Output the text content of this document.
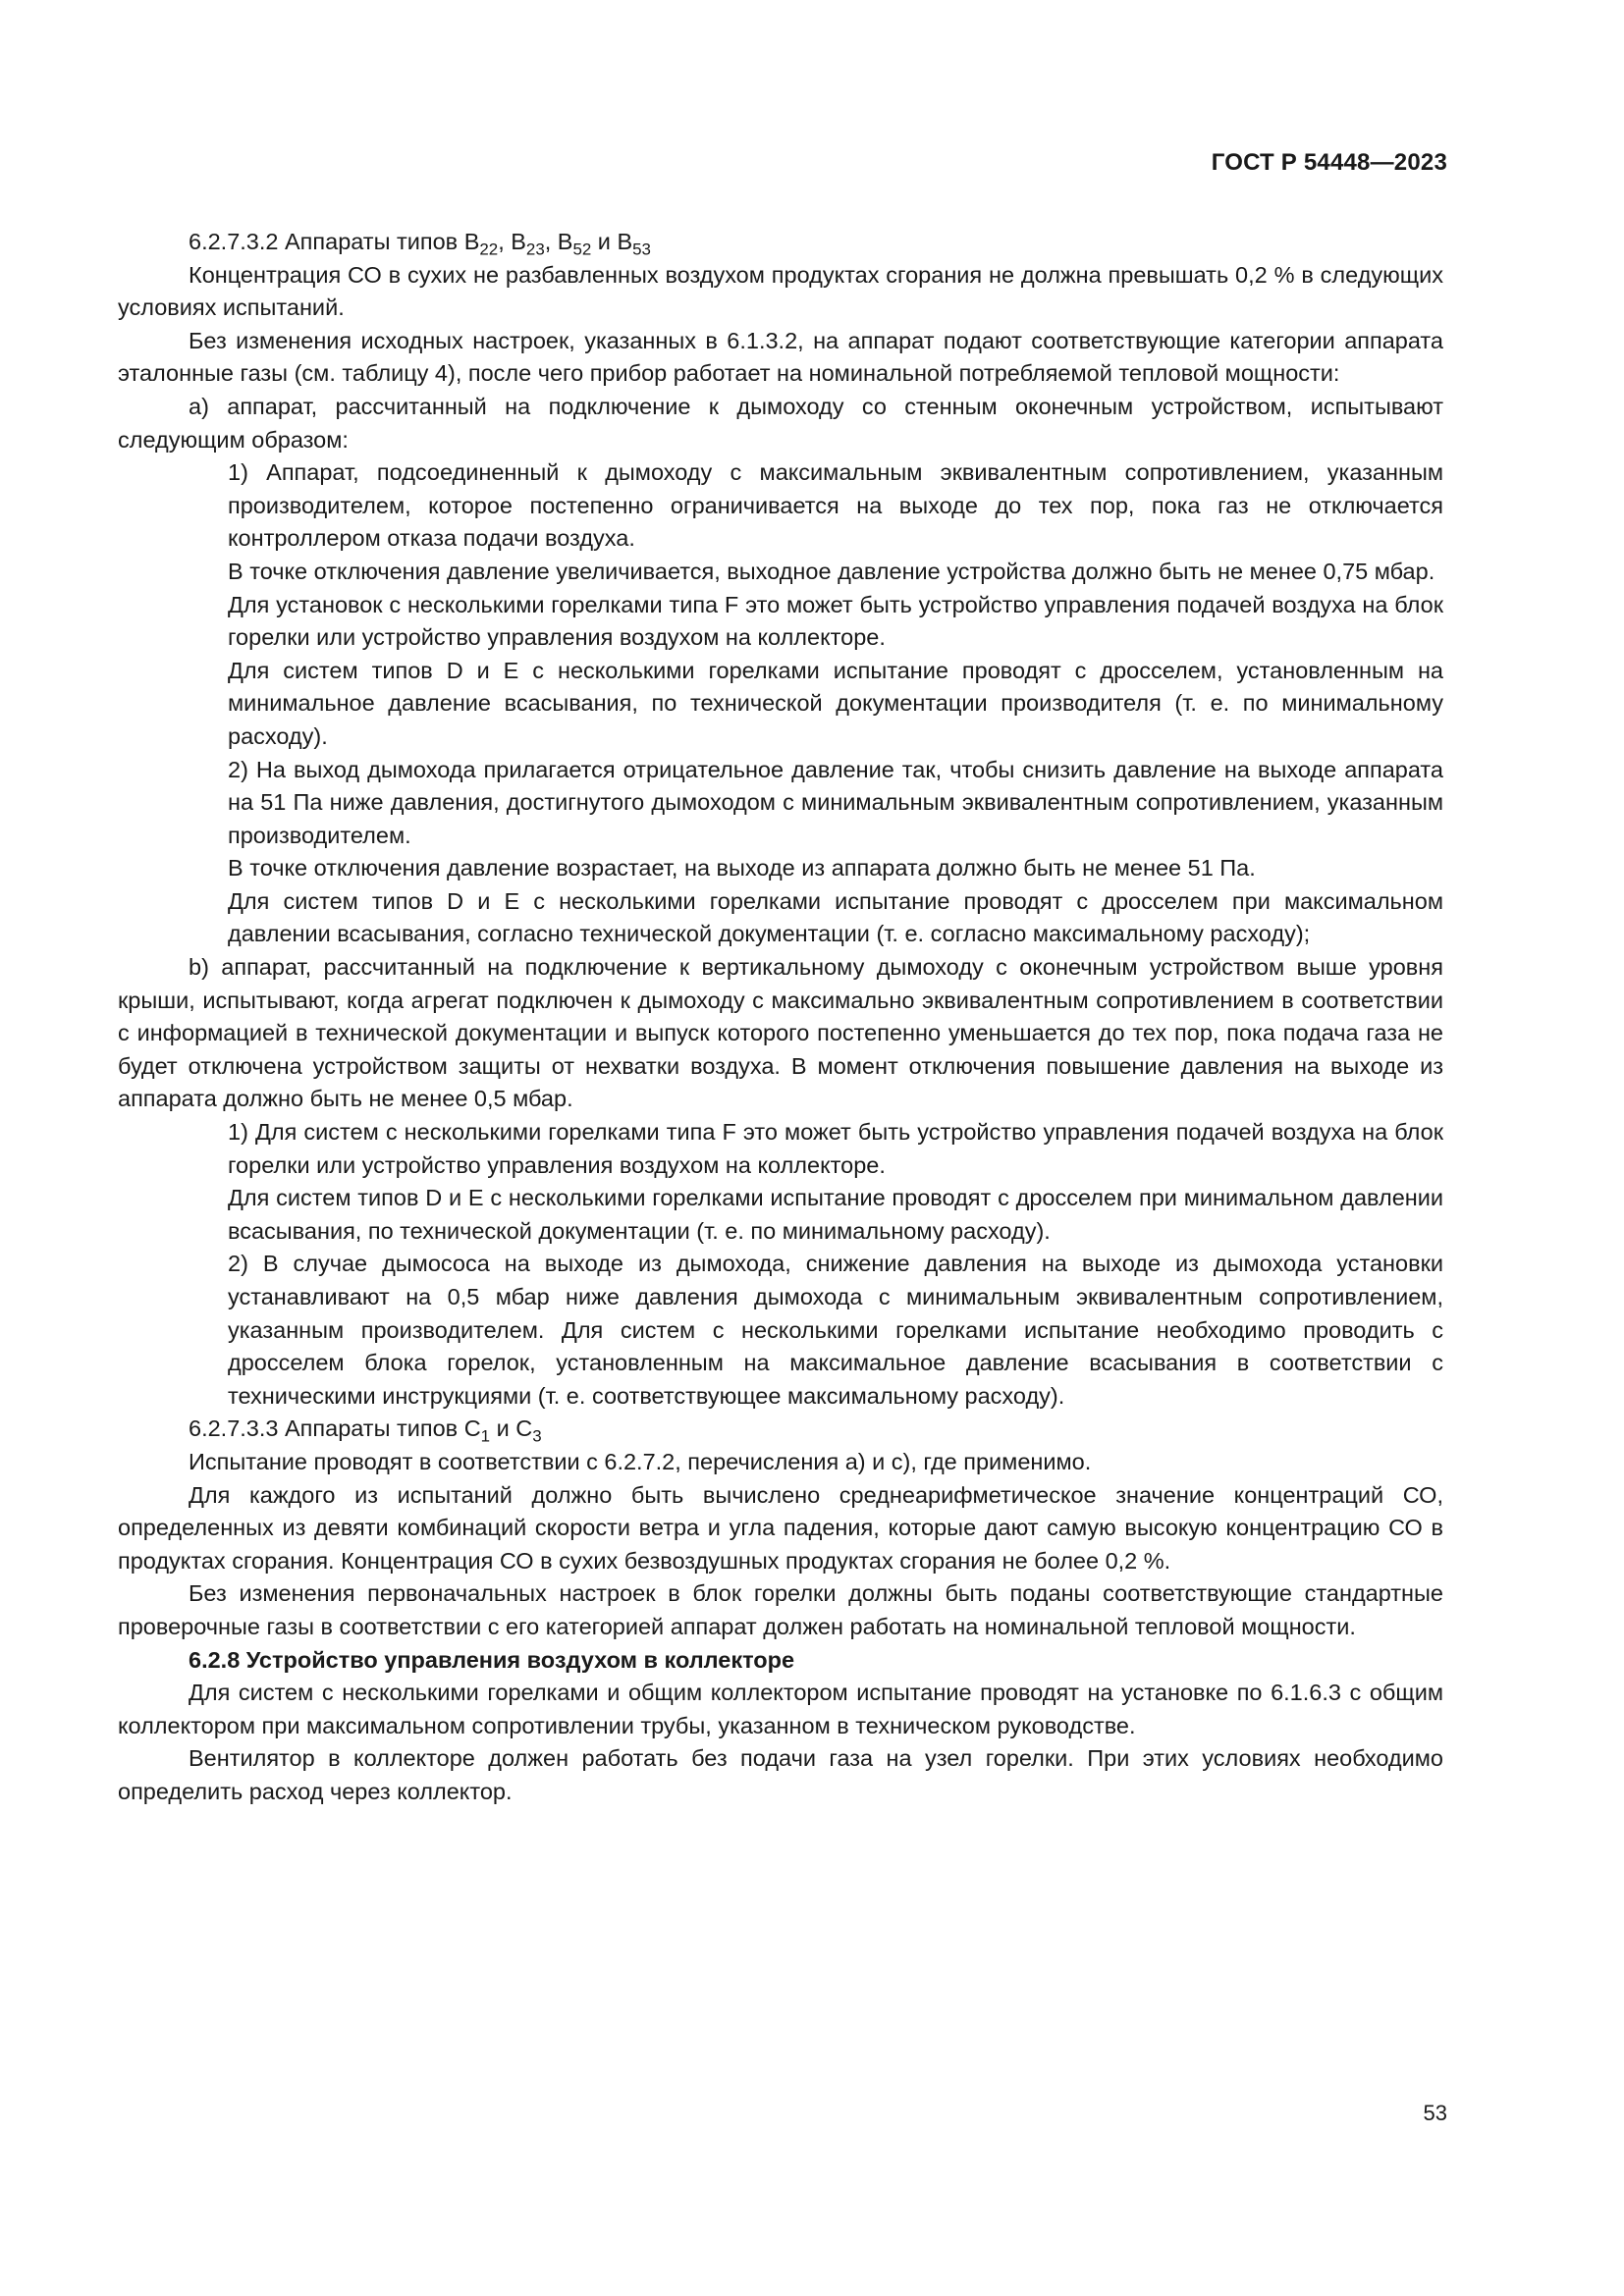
ГОСТ Р 54448—2023

6.2.7.3.2 Аппараты типов $В_{22}$, $В_{23}$, $В_{52}$ и $В_{53}$

Концентрация СО в сухих не разбавленных воздухом продуктах сгорания не должна превышать 0,2 % в следующих условиях испытаний.

Без изменения исходных настроек, указанных в 6.1.3.2, на аппарат подают соответствующие категории аппарата эталонные газы (см. таблицу 4), после чего прибор работает на номинальной потребляемой тепловой мощности:

a) аппарат, рассчитанный на подключение к дымоходу со стенным оконечным устройством, испытывают следующим образом:

1) Аппарат, подсоединенный к дымоходу с максимальным эквивалентным сопротивлением, указанным производителем, которое постепенно ограничивается на выходе до тех пор, пока газ не отключается контроллером отказа подачи воздуха.

В точке отключения давление увеличивается, выходное давление устройства должно быть не менее 0,75 мбар.

Для установок с несколькими горелками типа F это может быть устройство управления подачей воздуха на блок горелки или устройство управления воздухом на коллекторе.

Для систем типов D и E с несколькими горелками испытание проводят с дросселем, установленным на минимальное давление всасывания, по технической документации производителя (т. е. по минимальному расходу).

2) На выход дымохода прилагается отрицательное давление так, чтобы снизить давление на выходе аппарата на 51 Па ниже давления, достигнутого дымоходом с минимальным эквивалентным сопротивлением, указанным производителем.

В точке отключения давление возрастает, на выходе из аппарата должно быть не менее 51 Па.

Для систем типов D и E с несколькими горелками испытание проводят с дросселем при максимальном давлении всасывания, согласно технической документации (т. е. согласно максимальному расходу);

b) аппарат, рассчитанный на подключение к вертикальному дымоходу с оконечным устройством выше уровня крыши, испытывают, когда агрегат подключен к дымоходу с максимально эквивалентным сопротивлением в соответствии с информацией в технической документации и выпуск которого постепенно уменьшается до тех пор, пока подача газа не будет отключена устройством защиты от нехватки воздуха. В момент отключения повышение давления на выходе из аппарата должно быть не менее 0,5 мбар.

1) Для систем с несколькими горелками типа F это может быть устройство управления подачей воздуха на блок горелки или устройство управления воздухом на коллекторе.

Для систем типов D и E с несколькими горелками испытание проводят с дросселем при минимальном давлении всасывания, по технической документации (т. е. по минимальному расходу).

2) В случае дымососа на выходе из дымохода, снижение давления на выходе из дымохода установки устанавливают на 0,5 мбар ниже давления дымохода с минимальным эквивалентным сопротивлением, указанным производителем. Для систем с несколькими горелками испытание необходимо проводить с дросселем блока горелок, установленным на максимальное давление всасывания в соответствии с техническими инструкциями (т. е. соответствующее максимальному расходу).

6.2.7.3.3 Аппараты типов $С_1$ и $С_3$

Испытание проводят в соответствии с 6.2.7.2, перечисления a) и c), где применимо.

Для каждого из испытаний должно быть вычислено среднеарифметическое значение концентраций СО, определенных из девяти комбинаций скорости ветра и угла падения, которые дают самую высокую концентрацию СО в продуктах сгорания. Концентрация СО в сухих безвоздушных продуктах сгорания не более 0,2 %.

Без изменения первоначальных настроек в блок горелки должны быть поданы соответствующие стандартные проверочные газы в соответствии с его категорией аппарат должен работать на номинальной тепловой мощности.

6.2.8 Устройство управления воздухом в коллекторе

Для систем с несколькими горелками и общим коллектором испытание проводят на установке по 6.1.6.3 с общим коллектором при максимальном сопротивлении трубы, указанном в техническом руководстве.

Вентилятор в коллекторе должен работать без подачи газа на узел горелки. При этих условиях необходимо определить расход через коллектор.

53
